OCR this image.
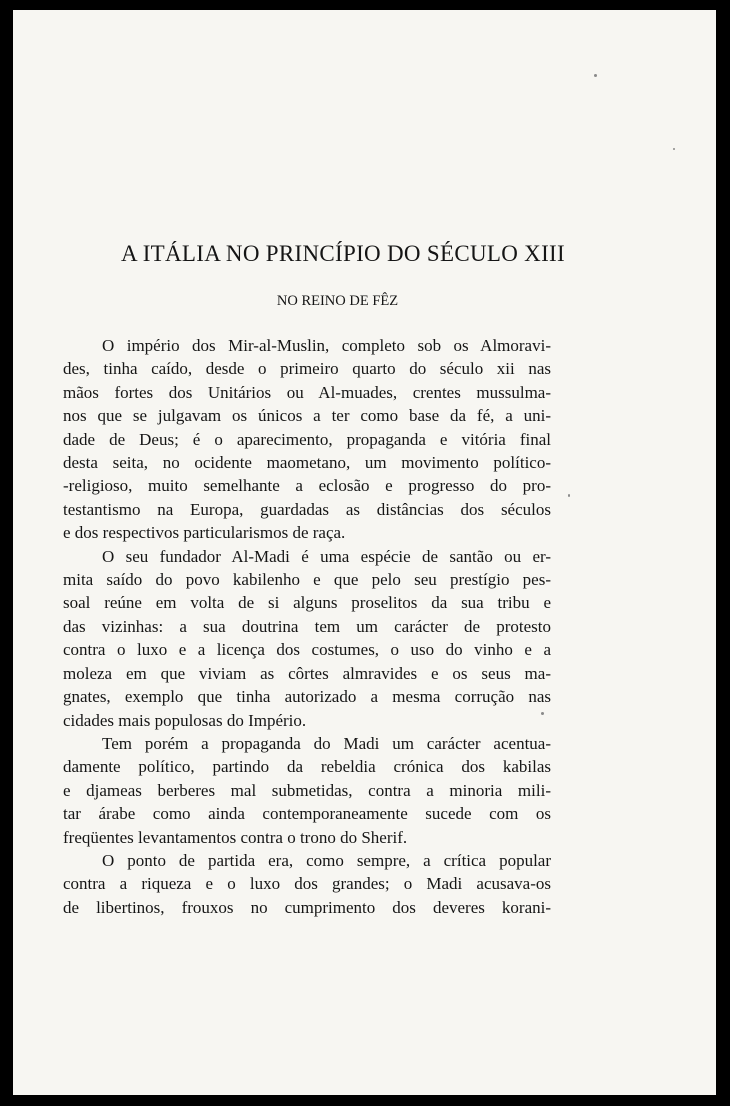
A ITÁLIA NO PRINCÍPIO DO SÉCULO XIII
NO REINO DE FÊZ

O império dos Mir-al-Muslin, completo sob os Almoravi-
des, tinha caído, desde o primeiro quarto do século xii nas
mãos fortes dos Unitários ou Al-muades, crentes mussulma-
nos que se julgavam os únicos a ter como base da fé, a uni-
dade de Deus; é o aparecimento, propaganda e vitória final
desta seita, no ocidente maometano, um movimento político-
-religioso, muito semelhante a eclosão e progresso do pro-
testantismo na Europa, guardadas as distâncias dos séculos
e dos respectivos particularismos de raça.

O seu fundador Al-Madi é uma espécie de santão ou er-
mita saído do povo kabilenho e que pelo seu prestígio pes-
soal reúne em volta de si alguns proselitos da sua tribu e
das vizinhas: a sua doutrina tem um carácter de protesto
contra o luxo e a licença dos costumes, o uso do vinho e a
moleza em que viviam as côrtes almravides e os seus ma-
gnates, exemplo que tinha autorizado a mesma corrução nas
cidades mais populosas do Império.

Tem porém a propaganda do Madi um carácter acentua-
damente político, partindo da rebeldia crónica dos kabilas
e djameas berberes mal submetidas, contra a minoria mili-
tar árabe como ainda contemporaneamente sucede com os
freqüentes levantamentos contra o trono do Sherif.

O ponto de partida era, como sempre, a crítica popular
contra a riqueza e o luxo dos grandes; o Madi acusava-os
de libertinos, frouxos no cumprimento dos deveres korani-
